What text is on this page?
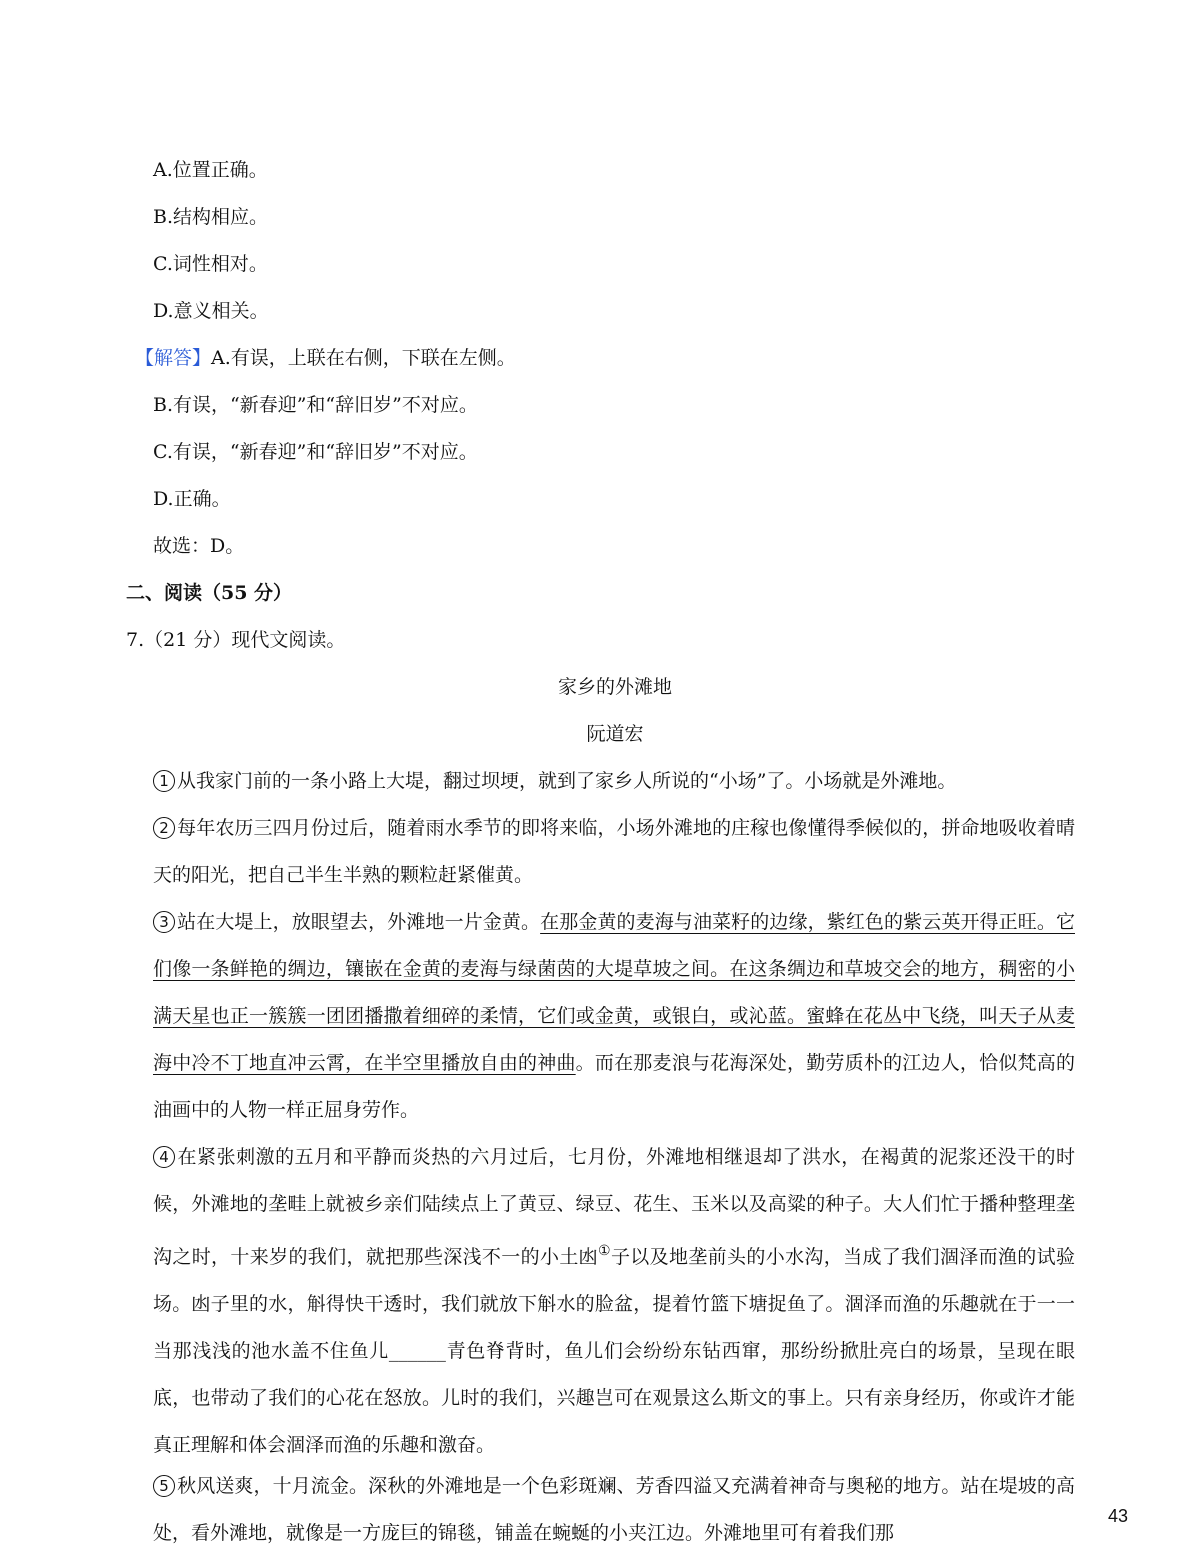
A.位置正确。
B.结构相应。
C.词性相对。
D.意义相关。
【解答】A.有误，上联在右侧，下联在左侧。
B.有误，“新春迎”和“辞旧岁”不对应。
C.有误，“新春迎”和“辞旧岁”不对应。
D.正确。
故选：D。
二、阅读（55 分）
7.（21 分）现代文阅读。
家乡的外滩地
阮道宏
1 从我家门前的一条小路上大堤，翻过坝埂，就到了家乡人所说的“小场”了。小场就是外滩地。
2 每年农历三四月份过后，随着雨水季节的即将来临，小场外滩地的庄稼也像懂得季候似的，拼命地吸收着晴天的阳光，把自己半生半熟的颗粒赶紧催黄。
3 站在大堤上，放眼望去，外滩地一片金黄。在那金黄的麦海与油菜籽的边缘，紫红色的紫云英开得正旺。它们像一条鲜艳的绸边，镶嵌在金黄的麦海与绿菌茵的大堤草坡之间。在这条绸边和草坡交会的地方，稠密的小满天星也正一簇簇一团团播撒着细碎的柔情，它们或金黄，或银白，或沁蓝。蜜蜂在花丛中飞绕，叫天子从麦海中冷不丁地直冲云霄，在半空里播放自由的神曲。而在那麦浪与花海深处，勤劳质朴的江边人，恰似梵高的油画中的人物一样正屈身劳作。
4 在紧张刺激的五月和平静而炎热的六月过后，七月份，外滩地相继退却了洪水，在褐黄的泥浆还没干的时候，外滩地的垄畦上就被乡亲们陆续点上了黄豆、绿豆、花生、玉米以及高粱的种子。大人们忙于播种整理垄沟之时，十来岁的我们，就把那些深浅不一的小土凼①子以及地垄前头的小水沟，当成了我们涸泽而渔的试验场。凼子里的水，斛得快干透时，我们就放下斛水的脸盆，提着竹篮下塘捉鱼了。涸泽而渔的乐趣就在于一一当那浅浅的池水盖不住鱼儿______青色脊背时，鱼儿们会纷纷东钻西窜，那纷纷掀肚亮白的场景，呈现在眼底，也带动了我们的心花在怒放。儿时的我们，兴趣岂可在观景这么斯文的事上。只有亲身经历，你或许才能真正理解和体会涸泽而渔的乐趣和激奋。
5 秋风送爽，十月流金。深秋的外滩地是一个色彩斑斓、芳香四溢又充满着神奇与奥秘的地方。站在堤坡的高处，看外滩地，就像是一方庞巨的锦毯，铺盖在蜿蜒的小夹江边。外滩地里可有着我们那
43
